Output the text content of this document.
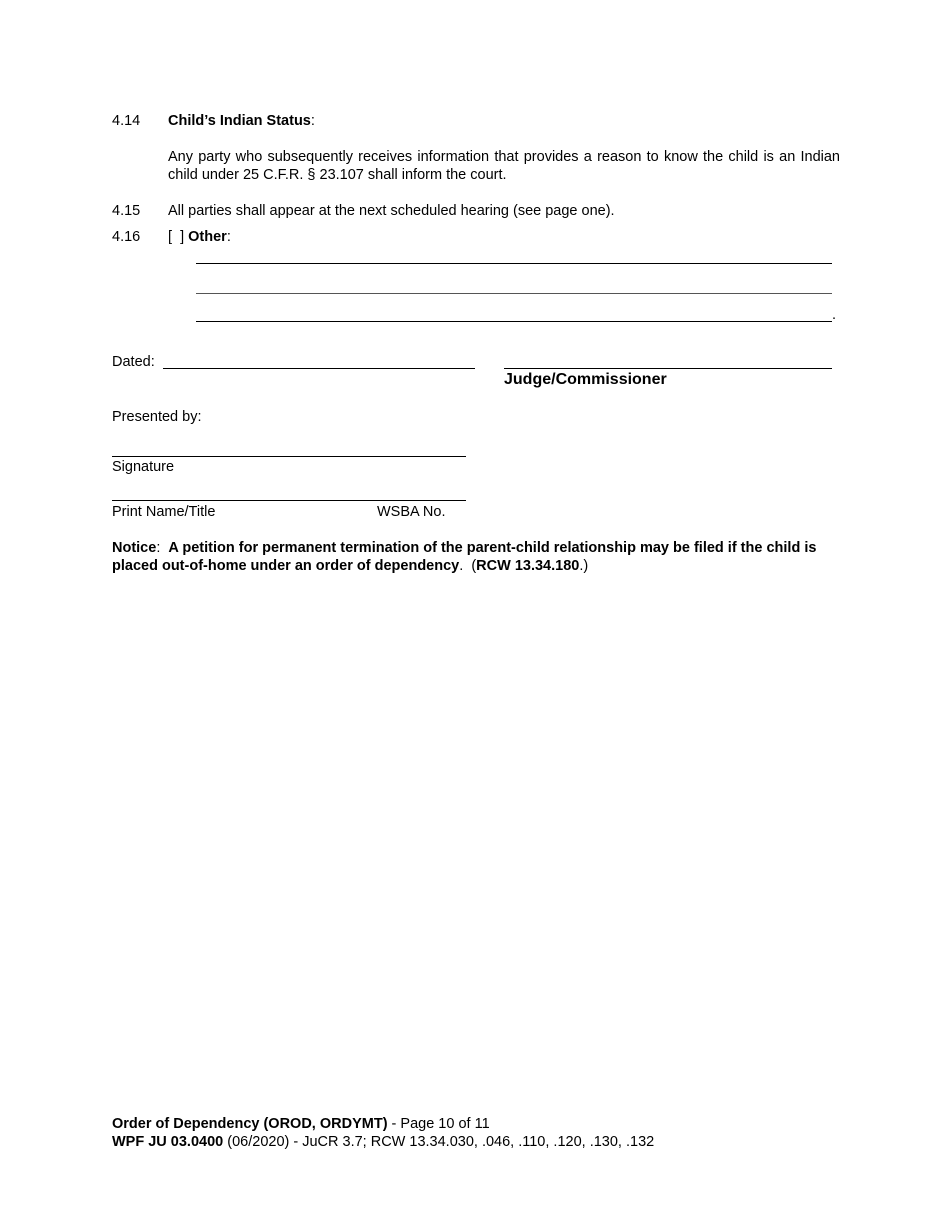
4.14 Child’s Indian Status:
Any party who subsequently receives information that provides a reason to know the child is an Indian child under 25 C.F.R. § 23.107 shall inform the court.
4.15 All parties shall appear at the next scheduled hearing (see page one).
4.16 [  ] Other:
.
Dated:
Judge/Commissioner
Presented by:
Signature
Print Name/Title	WSBA No.
Notice: A petition for permanent termination of the parent-child relationship may be filed if the child is placed out-of-home under an order of dependency.  (RCW 13.34.180.)
Order of Dependency (OROD, ORDYMT) - Page 10 of 11
WPF JU 03.0400 (06/2020) - JuCR 3.7; RCW 13.34.030, .046, .110, .120, .130, .132
